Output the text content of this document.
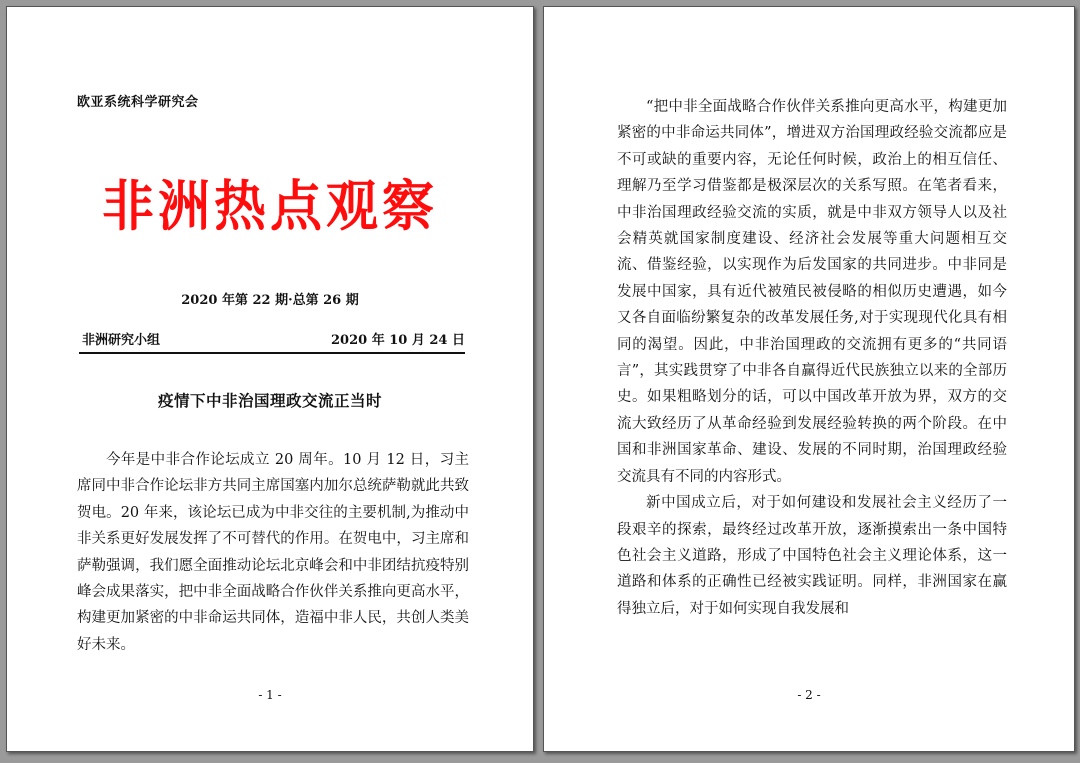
欧亚系统科学研究会
非洲热点观察
2020 年第 22 期·总第 26 期
非洲研究小组	2020 年 10 月 24 日
疫情下中非治国理政交流正当时

今年是中非合作论坛成立 20 周年。10 月 12 日，习主席同中非合作论坛非方共同主席国塞内加尔总统萨勒就此共致贺电。20 年来，该论坛已成为中非交往的主要机制,为推动中非关系更好发展发挥了不可替代的作用。在贺电中，习主席和萨勒强调，我们愿全面推动论坛北京峰会和中非团结抗疫特别峰会成果落实，把中非全面战略合作伙伴关系推向更高水平，构建更加紧密的中非命运共同体，造福中非人民，共创人类美好未来。

- 1 -

“把中非全面战略合作伙伴关系推向更高水平，构建更加紧密的中非命运共同体”，增进双方治国理政经验交流都应是不可或缺的重要内容，无论任何时候，政治上的相互信任、理解乃至学习借鉴都是极深层次的关系写照。在笔者看来，中非治国理政经验交流的实质，就是中非双方领导人以及社会精英就国家制度建设、经济社会发展等重大问题相互交流、借鉴经验，以实现作为后发国家的共同进步。中非同是发展中国家，具有近代被殖民被侵略的相似历史遭遇，如今又各自面临纷繁复杂的改革发展任务,对于实现现代化具有相同的渴望。因此，中非治国理政的交流拥有更多的“共同语言”，其实践贯穿了中非各自赢得近代民族独立以来的全部历史。如果粗略划分的话，可以中国改革开放为界，双方的交流大致经历了从革命经验到发展经验转换的两个阶段。在中国和非洲国家革命、建设、发展的不同时期，治国理政经验交流具有不同的内容形式。

新中国成立后，对于如何建设和发展社会主义经历了一段艰辛的探索，最终经过改革开放，逐渐摸索出一条中国特色社会主义道路，形成了中国特色社会主义理论体系，这一道路和体系的正确性已经被实践证明。同样，非洲国家在赢得独立后，对于如何实现自我发展和

- 2 -
